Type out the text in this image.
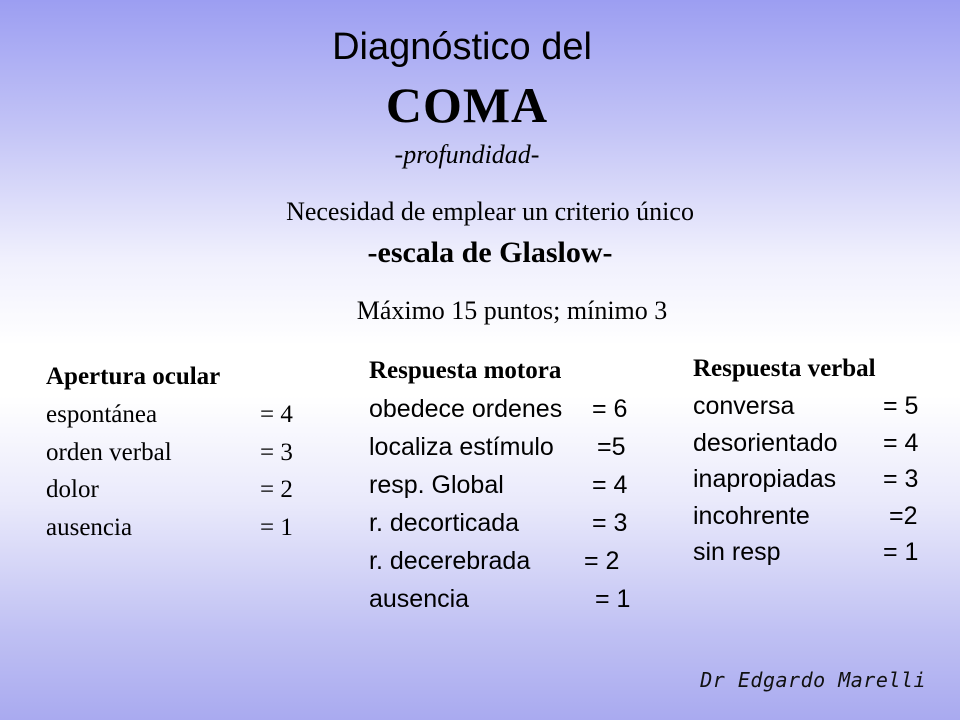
Diagnóstico del
COMA
-profundidad-
Necesidad de emplear un criterio único
-escala de Glaslow-
Máximo 15 puntos; mínimo 3
Apertura ocular
espontánea	= 4
orden verbal	= 3
dolor	= 2
ausencia	= 1
Respuesta motora
obedece ordenes = 6
localiza estímulo =5
resp. Global	= 4
r. decorticada	= 3
r. decerebrada = 2
ausencia	= 1
Respuesta verbal
conversa	= 5
desorientado = 4
inapropiadas = 3
incohrente	=2
sin resp	= 1
Dr Edgardo Marelli
